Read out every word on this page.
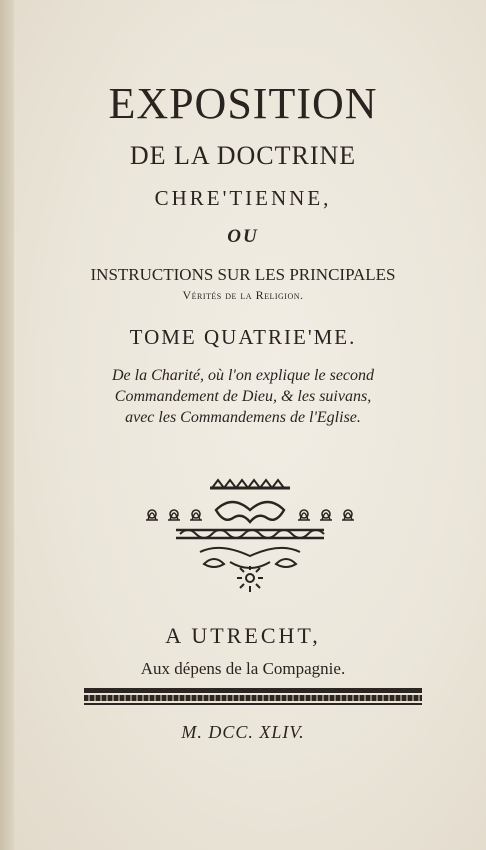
EXPOSITION
DE LA DOCTRINE
CHRE'TIENNE,
OU
INSTRUCTIONS SUR LES PRINCIPALES
Vérités de la Religion.
TOME QUATRIE'ME.
De la Charité, où l'on explique le second
Commandement de Dieu, & les suivans,
avec les Commandemens de l'Eglise.
A UTRECHT,
Aux dépens de la Compagnie.
M. DCC. XLIV.
